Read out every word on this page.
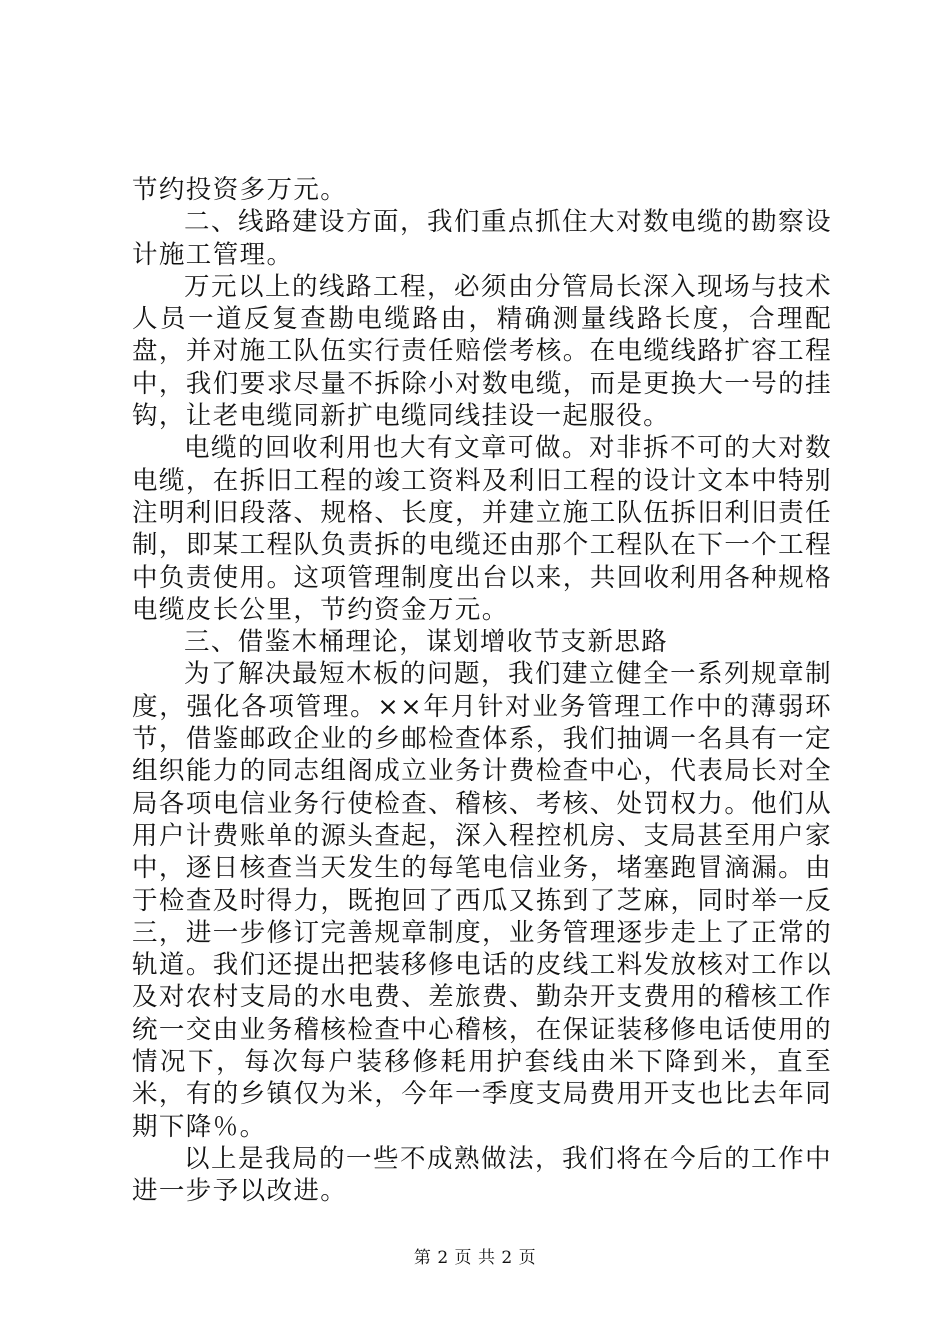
节约投资多万元。

二、线路建设方面，我们重点抓住大对数电缆的勘察设计施工管理。

万元以上的线路工程，必须由分管局长深入现场与技术人员一道反复查勘电缆路由，精确测量线路长度，合理配盘，并对施工队伍实行责任赔偿考核。在电缆线路扩容工程中，我们要求尽量不拆除小对数电缆，而是更换大一号的挂钩，让老电缆同新扩电缆同线挂设一起服役。

电缆的回收利用也大有文章可做。对非拆不可的大对数电缆，在拆旧工程的竣工资料及利旧工程的设计文本中特别注明利旧段落、规格、长度，并建立施工队伍拆旧利旧责任制，即某工程队负责拆的电缆还由那个工程队在下一个工程中负责使用。这项管理制度出台以来，共回收利用各种规格电缆皮长公里，节约资金万元。

三、借鉴木桶理论，谋划增收节支新思路

为了解决最短木板的问题，我们建立健全一系列规章制度，强化各项管理。××年月针对业务管理工作中的薄弱环节，借鉴邮政企业的乡邮检查体系，我们抽调一名具有一定组织能力的同志组阁成立业务计费检查中心，代表局长对全局各项电信业务行使检查、稽核、考核、处罚权力。他们从用户计费账单的源头查起，深入程控机房、支局甚至用户家中，逐日核查当天发生的每笔电信业务，堵塞跑冒滴漏。由于检查及时得力，既抱回了西瓜又拣到了芝麻，同时举一反三，进一步修订完善规章制度，业务管理逐步走上了正常的轨道。我们还提出把装移修电话的皮线工料发放核对工作以及对农村支局的水电费、差旅费、勤杂开支费用的稽核工作统一交由业务稽核检查中心稽核，在保证装移修电话使用的情况下，每次每户装移修耗用护套线由米下降到米，直至米，有的乡镇仅为米，今年一季度支局费用开支也比去年同期下降％。

以上是我局的一些不成熟做法，我们将在今后的工作中进一步予以改进。

第 2 页 共 2 页
